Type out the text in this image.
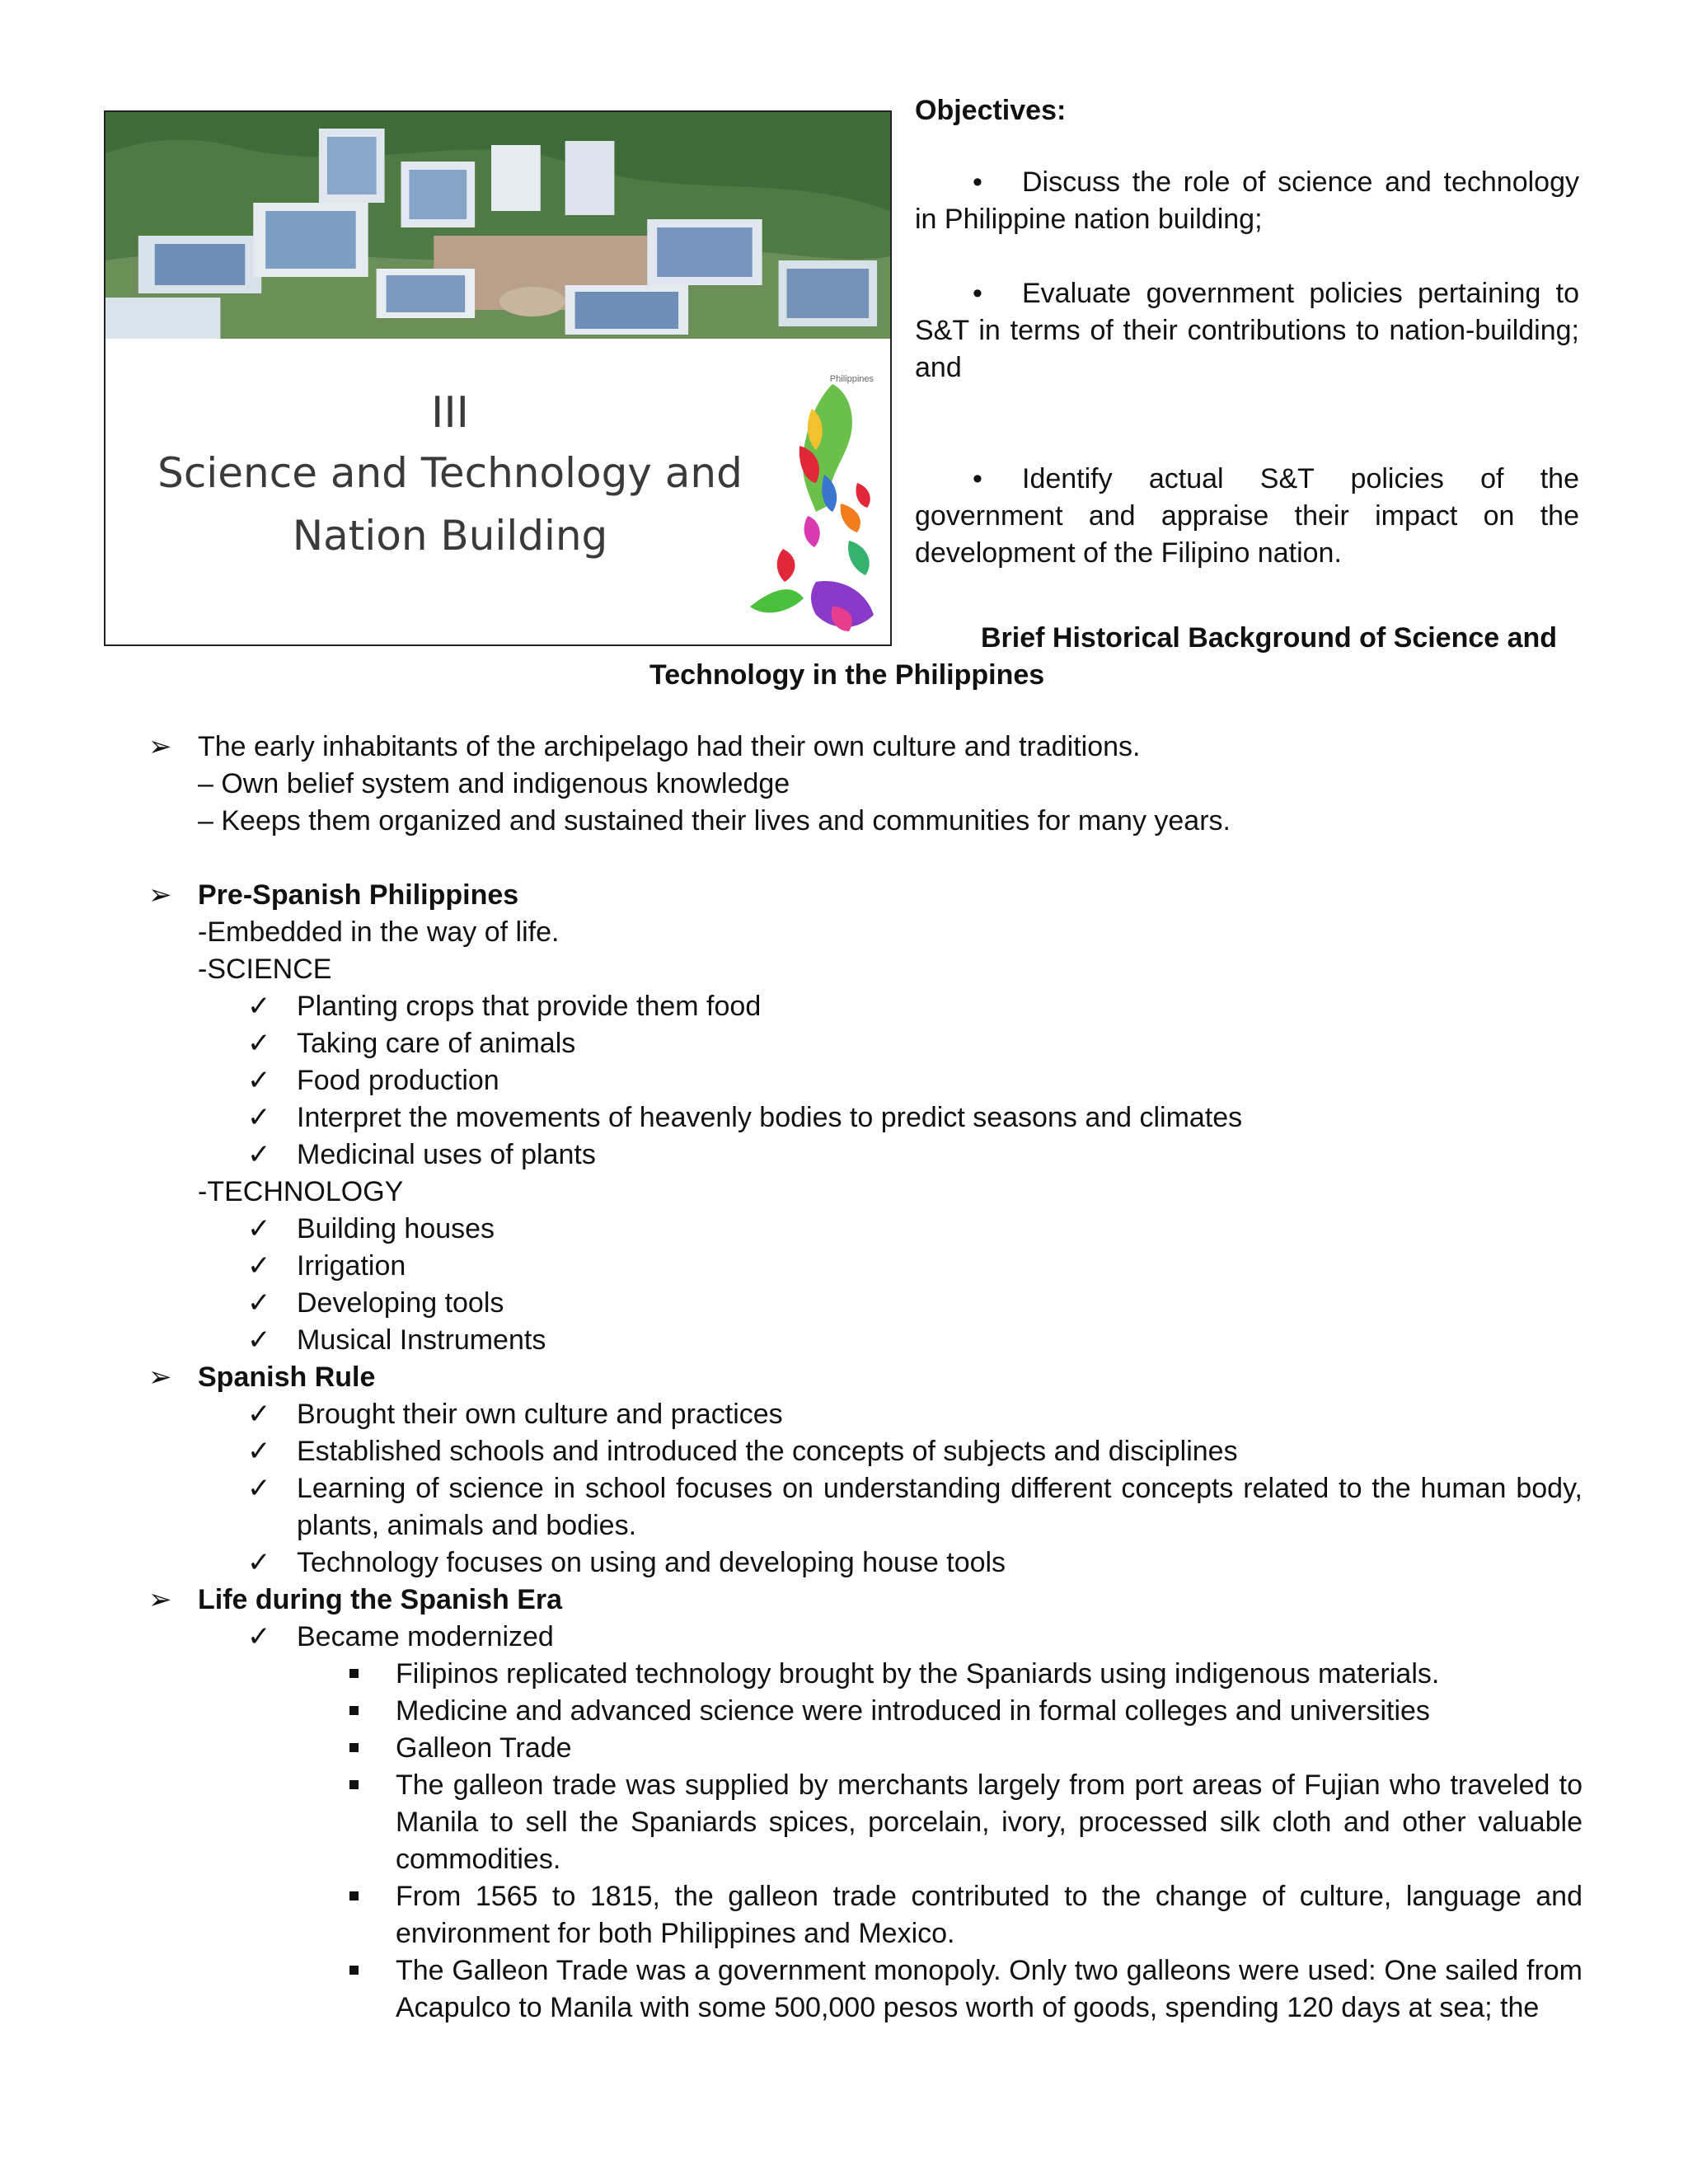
III
Science and Technology and
Nation Building
Philippines
Objectives:

• Discuss the role of science and technology in Philippine nation building;

• Evaluate government policies pertaining to S&T in terms of their contributions to nation-building; and

• Identify actual S&T policies of the government and appraise their impact on the development of the Filipino nation.

Brief Historical Background of Science and
Technology in the Philippines
➢ The early inhabitants of the archipelago had their own culture and traditions.
– Own belief system and indigenous knowledge
– Keeps them organized and sustained their lives and communities for many years.
➢ Pre-Spanish Philippines
-Embedded in the way of life.
-SCIENCE
✓ Planting crops that provide them food
✓ Taking care of animals
✓ Food production
✓ Interpret the movements of heavenly bodies to predict seasons and climates
✓ Medicinal uses of plants
-TECHNOLOGY
✓ Building houses
✓ Irrigation
✓ Developing tools
✓ Musical Instruments
➢ Spanish Rule
✓ Brought their own culture and practices
✓ Established schools and introduced the concepts of subjects and disciplines
✓ Learning of science in school focuses on understanding different concepts related to the human body, plants, animals and bodies.
✓ Technology focuses on using and developing house tools
➢ Life during the Spanish Era
✓ Became modernized
Filipinos replicated technology brought by the Spaniards using indigenous materials.
Medicine and advanced science were introduced in formal colleges and universities
Galleon Trade
The galleon trade was supplied by merchants largely from port areas of Fujian who traveled to Manila to sell the Spaniards spices, porcelain, ivory, processed silk cloth and other valuable commodities.
From 1565 to 1815, the galleon trade contributed to the change of culture, language and environment for both Philippines and Mexico.
The Galleon Trade was a government monopoly. Only two galleons were used: One sailed from Acapulco to Manila with some 500,000 pesos worth of goods, spending 120 days at sea; the
